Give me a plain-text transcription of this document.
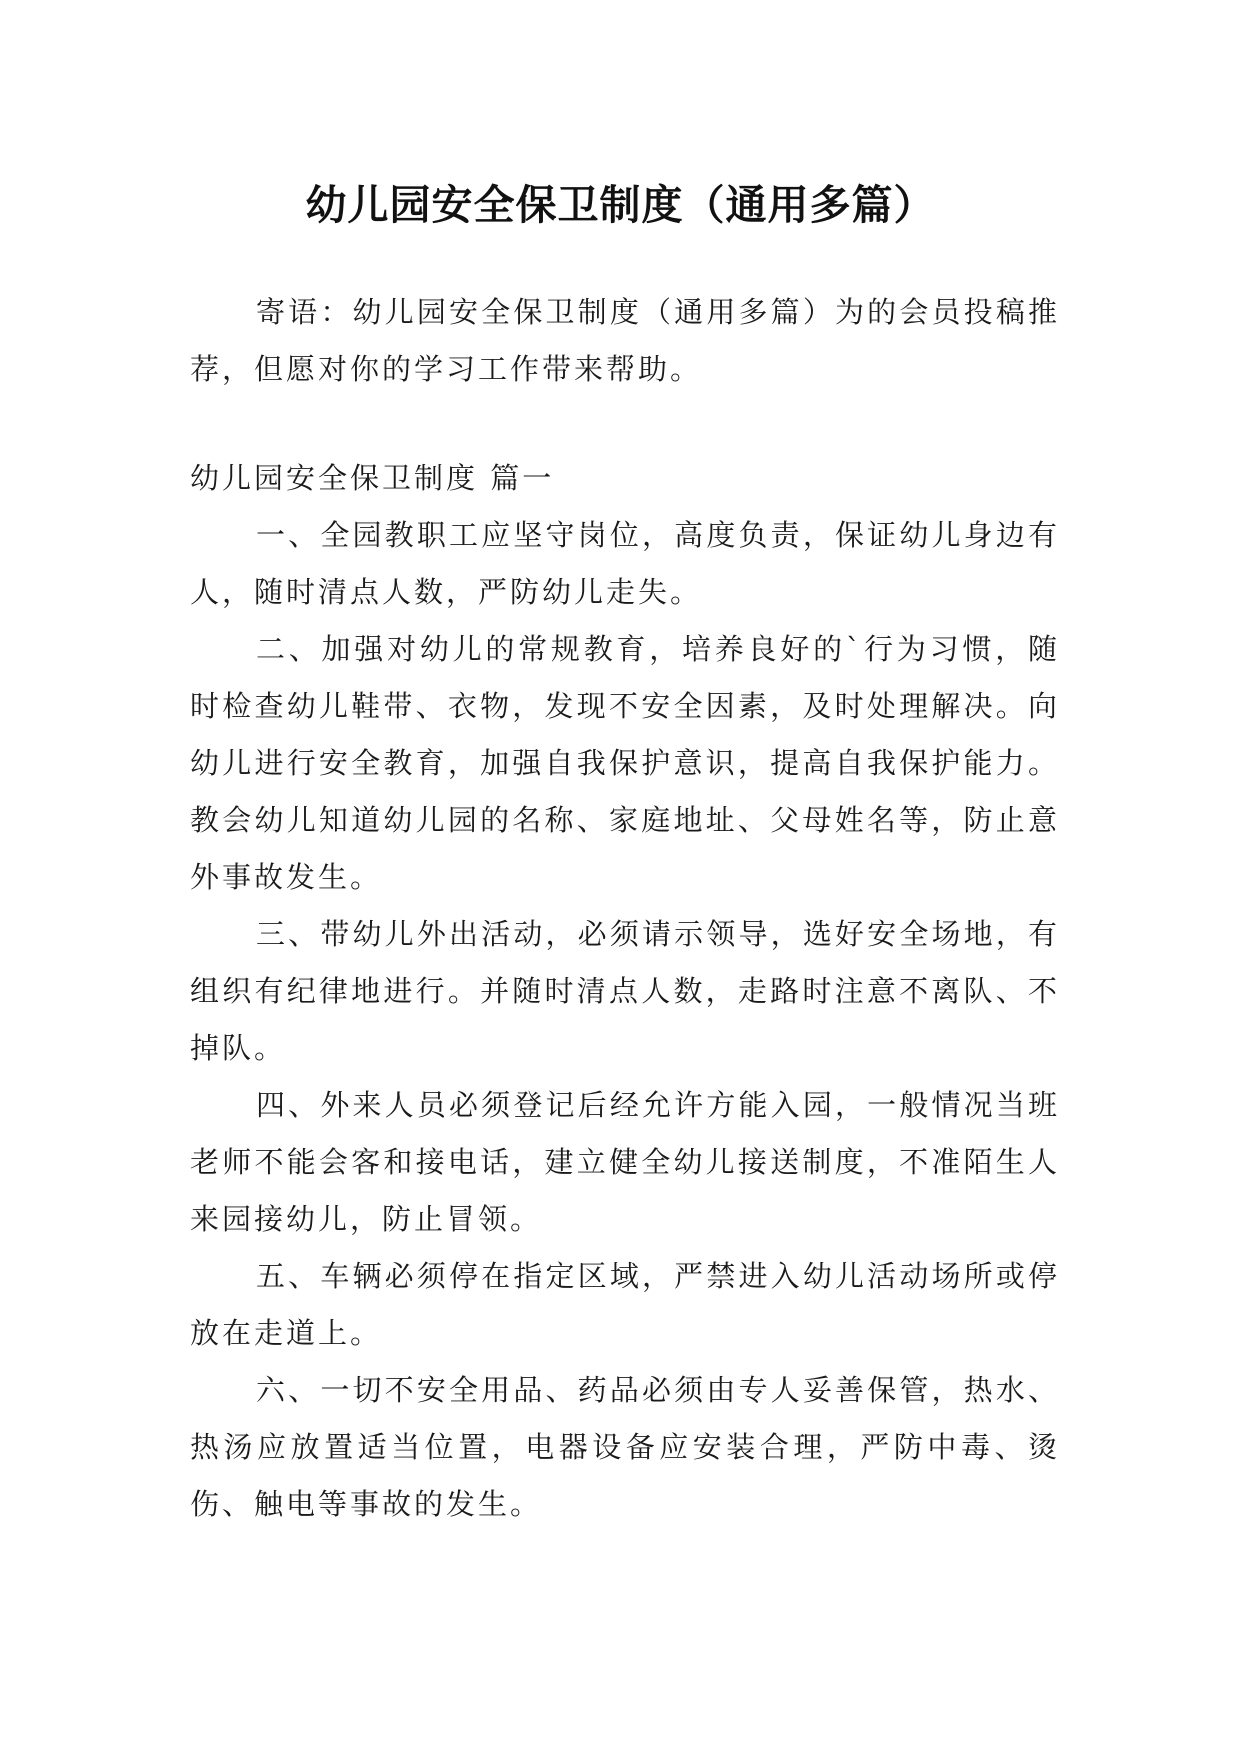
幼儿园安全保卫制度（通用多篇）

寄语：幼儿园安全保卫制度（通用多篇）为的会员投稿推荐，但愿对你的学习工作带来帮助。

幼儿园安全保卫制度 篇一

一、全园教职工应坚守岗位，高度负责，保证幼儿身边有人，随时清点人数，严防幼儿走失。

二、加强对幼儿的常规教育，培养良好的`行为习惯，随时检查幼儿鞋带、衣物，发现不安全因素，及时处理解决。向幼儿进行安全教育，加强自我保护意识，提高自我保护能力。教会幼儿知道幼儿园的名称、家庭地址、父母姓名等，防止意外事故发生。

三、带幼儿外出活动，必须请示领导，选好安全场地，有组织有纪律地进行。并随时清点人数，走路时注意不离队、不掉队。

四、外来人员必须登记后经允许方能入园，一般情况当班老师不能会客和接电话，建立健全幼儿接送制度，不准陌生人来园接幼儿，防止冒领。

五、车辆必须停在指定区域，严禁进入幼儿活动场所或停放在走道上。

六、一切不安全用品、药品必须由专人妥善保管，热水、热汤应放置适当位置，电器设备应安装合理，严防中毒、烫伤、触电等事故的发生。
